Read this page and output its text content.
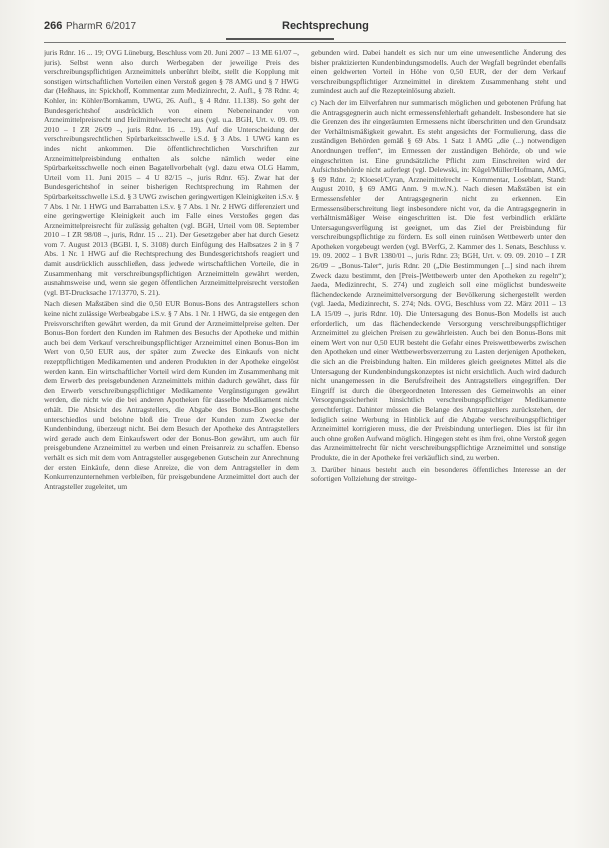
266 PharmR 6/2017	Rechtsprechung

juris Rdnr. 16 ... 19; OVG Lüneburg, Beschluss vom 20. Juni 2007 – 13 ME 61/07 –, juris). Selbst wenn also durch Werbegaben der jeweilige Preis des verschreibungspflichtigen Arzneimittels unberührt bleibt, stellt die Kopplung mit sonstigen wirtschaftlichen Vorteilen einen Verstoß gegen § 78 AMG und § 7 HWG dar (Heßhaus, in: Spickhoff, Kommentar zum Medizinrecht, 2. Aufl., § 78 Rdnr. 4; Kohler, in: Köhler/Bornkamm, UWG, 26. Aufl., § 4 Rdnr. 11.138). So geht der Bundesgerichtshof ausdrücklich von einem Nebeneinander von Arzneimittelpreisrecht und Heilmittelwerberecht aus (vgl. u.a. BGH, Urt. v. 09. 09. 2010 – I ZR 26/09 –, juris Rdnr. 16 ... 19). Auf die Unterscheidung der verschreibungsrechtlichen Spürbarkeitsschwelle i.S.d. § 3 Abs. 1 UWG kann es indes nicht ankommen. Die öffentlichrechtlichen Vorschriften zur Arzneimittelpreisbindung enthalten als solche nämlich weder eine Spürbarkeitsschwelle noch einen Bagatellvorbehalt (vgl. dazu etwa OLG Hamm, Urteil vom 11. Juni 2015 – 4 U 82/15 –, juris Rdnr. 65). Zwar hat der Bundesgerichtshof in seiner bisherigen Rechtsprechung im Rahmen der Spürbarkeitsschwelle i.S.d. § 3 UWG zwischen geringwertigen Kleinigkeiten i.S.v. § 7 Abs. 1 Nr. 1 HWG und Barrabatten i.S.v. § 7 Abs. 1 Nr. 2 HWG differenziert und eine geringwertige Kleinigkeit auch im Falle eines Verstoßes gegen das Arzneimittelpreisrecht für zulässig gehalten (vgl. BGH, Urteil vom 08. September 2010 – I ZR 98/08 –, juris, Rdnr. 15 ... 21). Der Gesetzgeber aber hat durch Gesetz vom 7. August 2013 (BGBl. I, S. 3108) durch Einfügung des Halbsatzes 2 in § 7 Abs. 1 Nr. 1 HWG auf die Rechtsprechung des Bundesgerichtshofs reagiert und damit ausdrücklich ausschließen, dass jedwede wirtschaftlichen Vorteile, die in Zusammenhang mit verschreibungspflichtigen Arzneimitteln gewährt werden, ausnahmsweise und, wenn sie gegen öffentlichen Arzneimittelpreisrecht verstoßen (vgl. BT-Drucksache 17/13770, S. 21).

Nach diesen Maßstäben sind die 0,50 EUR Bonus-Bons des Antragstellers schon keine nicht zulässige Werbeabgabe i.S.v. § 7 Abs. 1 Nr. 1 HWG, da sie entgegen den Preisvorschriften gewährt werden, da mit Grund der Arzneimittelpreise gelten. Der Bonus-Bon fordert den Kunden im Rahmen des Besuchs der Apotheke und mithin auch bei dem Verkauf verschreibungspflichtiger Arzneimittel einen Bonus-Bon im Wert von 0,50 EUR aus, der später zum Zwecke des Einkaufs von nicht rezeptpflichtigen Medikamenten und anderen Produkten in der Apotheke eingelöst werden kann. Ein wirtschaftlicher Vorteil wird dem Kunden im Zusammenhang mit dem Erwerb des preisgebundenen Arzneimittels mithin dadurch gewährt, dass für den Erwerb verschreibungspflichtiger Medikamente Vergünstigungen gewährt werden, die nicht wie die bei anderen Apotheken für dasselbe Medikament nicht erhält. Die Absicht des Antragstellers, die Abgabe des Bonus-Bon geschehe unterschiedlos und belohne bloß die Treue der Kunden zum Zwecke der Kundenbindung, überzeugt nicht. Bei dem Besuch der Apotheke des Antragstellers wird gerade auch dem Einkaufswert oder der Bonus-Bon gewährt, um auch für preisgebundene Arzneimittel zu werben und einen Preisanreiz zu schaffen. Ebenso verhält es sich mit dem vom Antragsteller ausgegebenen Gutschein zur Anrechnung der ersten Einkäufe, denn diese Anreize, die von dem Antragsteller in dem Konkurrenzunternehmen verbleiben, für preisgebundene Arzneimittel dort auch der Antragsteller zugeleitet, um

gebunden wird. Dabei handelt es sich nur um eine unwesentliche Änderung des bisher praktizierten Kundenbindungsmodells. Auch der Wegfall begründet ebenfalls einen geldwerten Vorteil in Höhe von 0,50 EUR, der der dem Verkauf verschreibungspflichtiger Arzneimittel in direktem Zusammenhang steht und zumindest auch auf die Rezepteinlösung abzielt.

c) Nach der im Eilverfahren nur summarisch möglichen und gebotenen Prüfung hat die Antragsgegnerin auch nicht ermessensfehlerhaft gehandelt. Insbesondere hat sie die Grenzen des ihr eingeräumten Ermessens nicht überschritten und den Grundsatz der Verhältnismäßigkeit gewahrt. Es steht angesichts der Formulierung, dass die zuständigen Behörden gemäß § 69 Abs. 1 Satz 1 AMG „die (...) notwendigen Anordnungen treffen“, im Ermessen der zuständigen Behörde, ob und wie eingeschritten ist. Eine grundsätzliche Pflicht zum Einschreiten wird der Aufsichtsbehörde nicht auferlegt (vgl. Delewski, in: Kügel/Müller/Hofmann, AMG, § 69 Rdnr. 2; Kloesel/Cyran, Arzneimittelrecht – Kommentar, Loseblatt, Stand: August 2010, § 69 AMG Anm. 9 m.w.N.). Nach diesen Maßstäben ist ein Ermessensfehler der Antragsgegnerin nicht zu erkennen. Ein Ermessensüberschreitung liegt insbesondere nicht vor, da die Antragsgegnerin in verhältnismäßiger Weise eingeschritten ist. Die fest verbindlich erklärte Untersagungsverfügung ist geeignet, um das Ziel der Preisbindung für verschreibungspflichtige zu fördern. Es soll einen ruinösen Wettbewerb unter den Apotheken vorgebeugt werden (vgl. BVerfG, 2. Kammer des 1. Senats, Beschluss v. 19. 09. 2002 – 1 BvR 1380/01 –, juris Rdnr. 23; BGH, Urt. v. 09. 09. 2010 – I ZR 26/09 – „Bonus-Taler“, juris Rdnr. 20 („Die Bestimmungen [...] sind nach ihrem Zweck dazu bestimmt, den [Preis-]Wettbewerb unter den Apotheken zu regeln“); Jaeda, Medizinrecht, S. 274) und zugleich soll eine möglichst bundesweite flächendeckende Arzneimittelversorgung der Bevölkerung sichergestellt werden (vgl. Jaeda, Medizinrecht, S. 274; Nds. OVG, Beschluss vom 22. März 2011 – 13 LA 15/09 –, juris Rdnr. 10). Die Untersagung des Bonus-Bon Modells ist auch erforderlich, um das flächendeckende Versorgung verschreibungspflichtiger Arzneimittel zu gleichen Preisen zu gewährleisten. Auch bei den Bonus-Bons mit einem Wert von nur 0,50 EUR besteht die Gefahr eines Preiswettbewerbs zwischen den Apotheken und einer Wettbewerbsverzerrung zu Lasten derjenigen Apotheken, die sich an die Preisbindung halten. Ein milderes gleich geeignetes Mittel als die Untersagung der Kundenbindungskonzeptes ist nicht ersichtlich. Auch wird dadurch nicht unangemessen in die Berufsfreiheit des Antragstellers eingegriffen. Der Eingriff ist durch die übergeordneten Interessen des Gemeinwohls an einer Versorgungssicherheit hinsichtlich verschreibungspflichtiger Medikamente gerechtfertigt. Dahinter müssen die Belange des Antragstellers zurückstehen, der lediglich seine Werbung in Hinblick auf die Abgabe verschreibungspflichtiger Arzneimittel korrigieren muss, die der Preisbindung unterliegen. Dies ist für ihn auch ohne großen Aufwand möglich. Hingegen steht es ihm frei, ohne Verstoß gegen das Arzneimittelrecht für nicht verschreibungspflichtige Arzneimittel und sonstige Produkte, die in der Apotheke frei verkäuflich sind, zu werben.

3. Darüber hinaus besteht auch ein besonderes öffentliches Interesse an der sofortigen Vollziehung der streitge-
